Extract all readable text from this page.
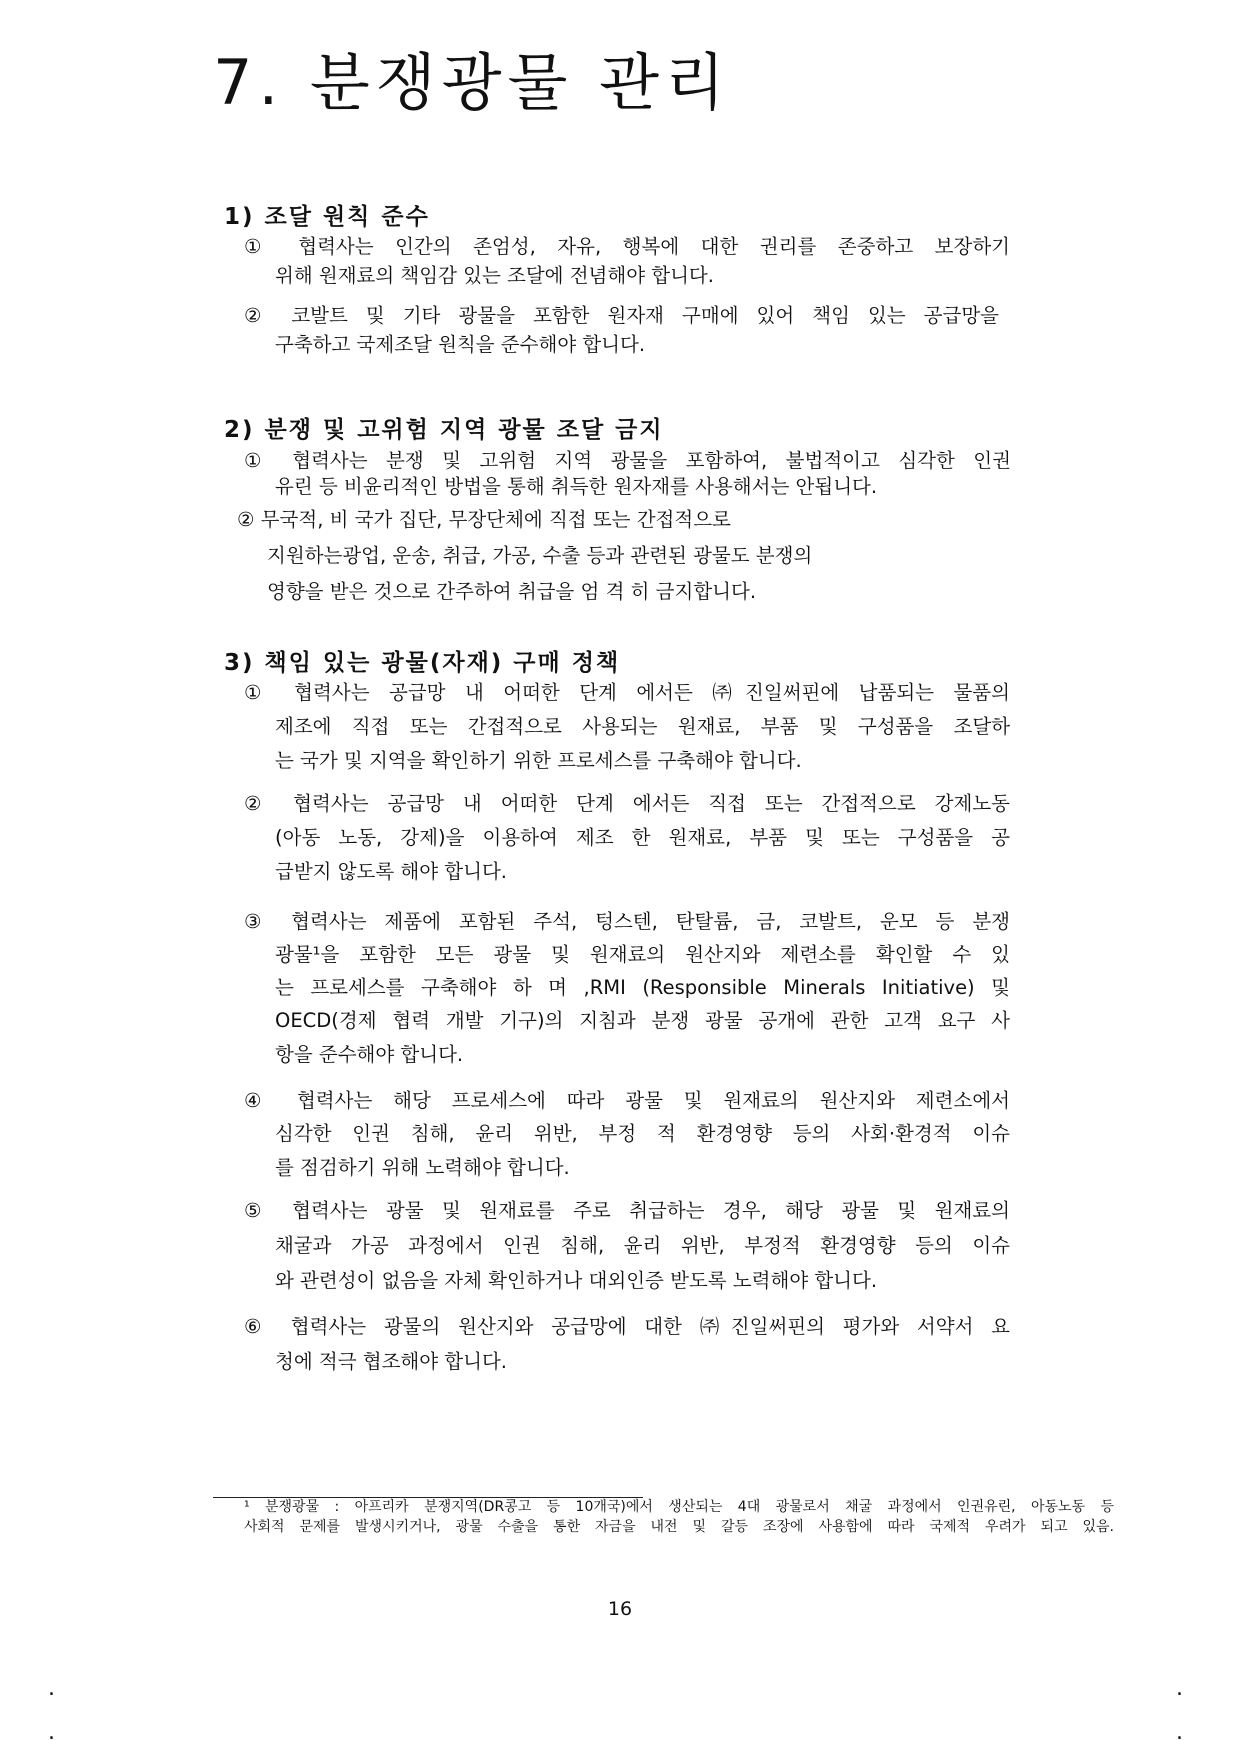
7. 분쟁광물 관리
1) 조달 원칙 준수
① 협력사는 인간의 존엄성, 자유, 행복에 대한 권리를 존중하고 보장하기
위해 원재료의 책임감 있는 조달에 전념해야 합니다.
② 코발트 및 기타 광물을 포함한 원자재 구매에 있어 책임 있는 공급망을
구축하고 국제조달 원칙을 준수해야 합니다.
2) 분쟁 및 고위험 지역 광물 조달 금지
① 협력사는 분쟁 및 고위험 지역 광물을 포함하여, 불법적이고 심각한 인권
유린 등 비윤리적인 방법을 통해 취득한 원자재를 사용해서는 안됩니다.
② 무국적, 비 국가 집단, 무장단체에 직접 또는 간접적으로
지원하는광업, 운송, 취급, 가공, 수출 등과 관련된 광물도 분쟁의
영향을 받은 것으로 간주하여 취급을 엄 격 히 금지합니다.
3) 책임 있는 광물(자재) 구매 정책
① 협력사는 공급망 내 어떠한 단계 에서든 ㈜진일써핀에 납품되는 물품의
제조에 직접 또는 간접적으로 사용되는 원재료, 부품 및 구성품을 조달하
는 국가 및 지역을 확인하기 위한 프로세스를 구축해야 합니다.
② 협력사는 공급망 내 어떠한 단계 에서든 직접 또는 간접적으로 강제노동
(아동 노동, 강제)을 이용하여 제조 한 원재료, 부품 및 또는 구성품을 공
급받지 않도록 해야 합니다.
③ 협력사는 제품에 포함된 주석, 텅스텐, 탄탈륨, 금, 코발트, 운모 등 분쟁
광물¹을 포함한 모든 광물 및 원재료의 원산지와 제련소를 확인할 수 있
는 프로세스를 구축해야 하 며 ,RMI (Responsible Minerals Initiative) 및
OECD(경제 협력 개발 기구)의 지침과 분쟁 광물 공개에 관한 고객 요구 사
항을 준수해야 합니다.
④ 협력사는 해당 프로세스에 따라 광물 및 원재료의 원산지와 제련소에서
심각한 인권 침해, 윤리 위반, 부정 적 환경영향 등의 사회·환경적 이슈
를 점검하기 위해 노력해야 합니다.
⑤ 협력사는 광물 및 원재료를 주로 취급하는 경우, 해당 광물 및 원재료의
채굴과 가공 과정에서 인권 침해, 윤리 위반, 부정적 환경영향 등의 이슈
와 관련성이 없음을 자체 확인하거나 대외인증 받도록 노력해야 합니다.
⑥ 협력사는 광물의 원산지와 공급망에 대한 ㈜진일써핀의 평가와 서약서 요
청에 적극 협조해야 합니다.
¹ 분쟁광물 : 아프리카 분쟁지역(DR콩고 등 10개국)에서 생산되는 4대 광물로서 채굴 과정에서 인권유린, 아동노동 등
사회적 문제를 발생시키거나, 광물 수출을 통한 자금을 내전 및 갈등 조장에 사용함에 따라 국제적 우려가 되고 있음.
16
.
.
.
.
